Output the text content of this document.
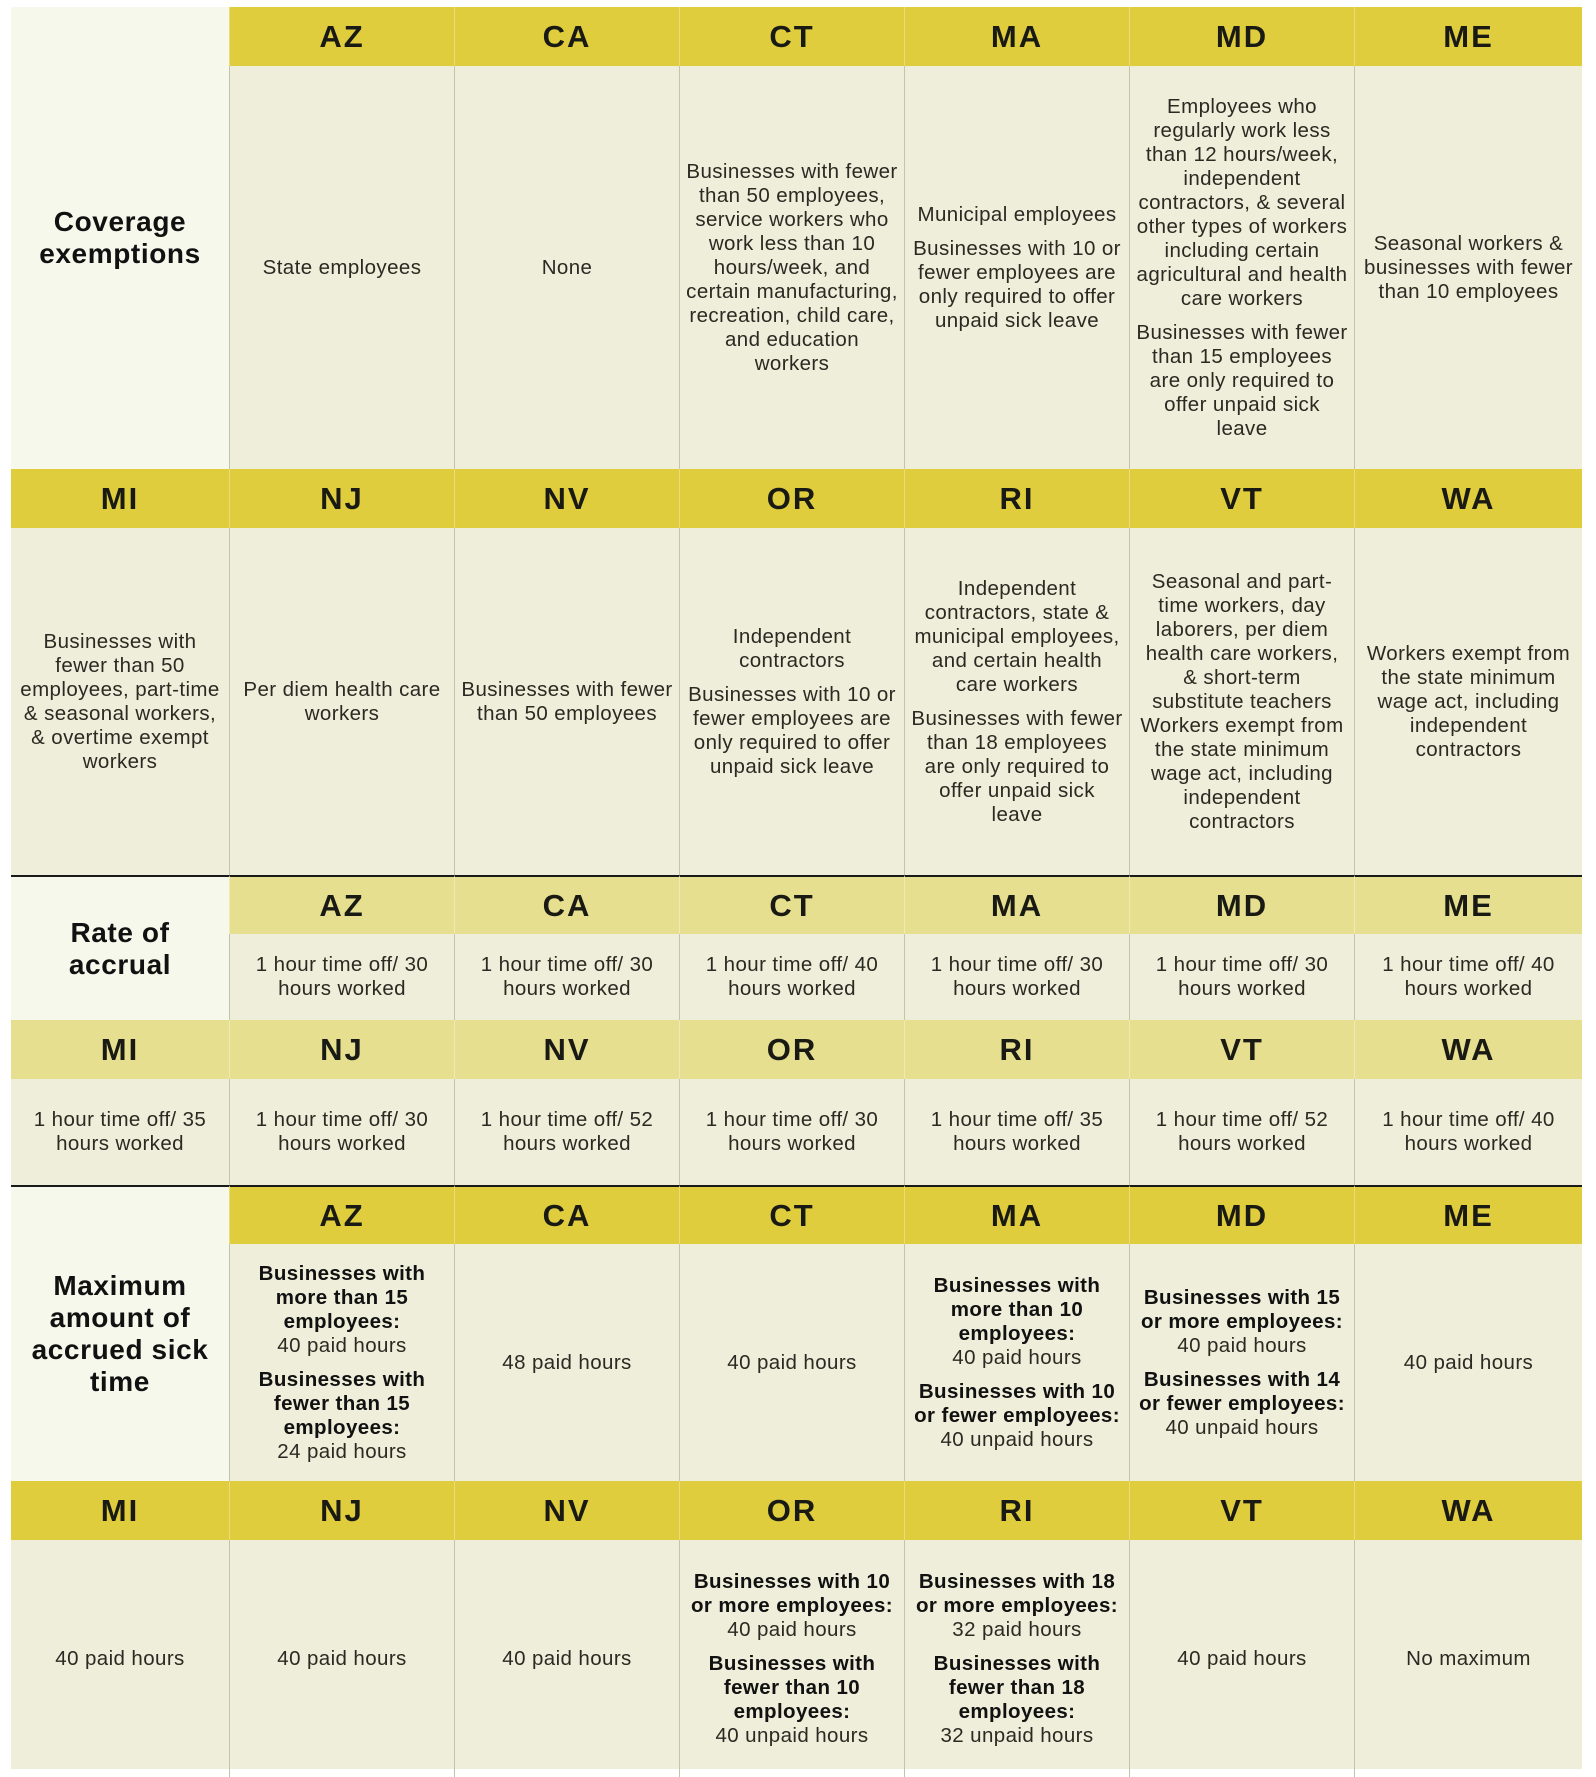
Coverage exemptions
AZ
State employees
CA
None
CT
Businesses with fewer than 50 employees, service workers who work less than 10 hours/week, and certain manufacturing, recreation, child care, and education workers
MA
Municipal employees
Businesses with 10 or fewer employees are only required to offer unpaid sick leave
MD
Employees who regularly work less than 12 hours/week, independent contractors, & several other types of workers including certain agricultural and health care workers
Businesses with fewer than 15 employees are only required to offer unpaid sick leave
ME
Seasonal workers & businesses with fewer than 10 employees
MI
Businesses with fewer than 50 employees, part-time & seasonal workers, & overtime exempt workers
NJ
Per diem health care workers
NV
Businesses with fewer than 50 employees
OR
Independent contractors
Businesses with 10 or fewer employees are only required to offer unpaid sick leave
RI
Independent contractors, state & municipal employees, and certain health care workers
Businesses with fewer than 18 employees are only required to offer unpaid sick leave
VT
Seasonal and part-time workers, day laborers, per diem health care workers, & short-term substitute teachers Workers exempt from the state minimum wage act, including independent contractors
WA
Workers exempt from the state minimum wage act, including independent contractors
Rate of accrual
AZ
1 hour time off/ 30 hours worked
CA
1 hour time off/ 30 hours worked
CT
1 hour time off/ 40 hours worked
MA
1 hour time off/ 30 hours worked
MD
1 hour time off/ 30 hours worked
ME
1 hour time off/ 40 hours worked
MI
1 hour time off/ 35 hours worked
NJ
1 hour time off/ 30 hours worked
NV
1 hour time off/ 52 hours worked
OR
1 hour time off/ 30 hours worked
RI
1 hour time off/ 35 hours worked
VT
1 hour time off/ 52 hours worked
WA
1 hour time off/ 40 hours worked
Maximum amount of accrued sick time
AZ
Businesses with more than 15 employees:
40 paid hours
Businesses with fewer than 15 employees:
24 paid hours
CA
48 paid hours
CT
40 paid hours
MA
Businesses with more than 10 employees:
40 paid hours
Businesses with 10 or fewer employees:
40 unpaid hours
MD
Businesses with 15 or more employees:
40 paid hours
Businesses with 14 or fewer employees:
40 unpaid hours
ME
40 paid hours
MI
40 paid hours
NJ
40 paid hours
NV
40 paid hours
OR
Businesses with 10 or more employees:
40 paid hours
Businesses with fewer than 10 employees:
40 unpaid hours
RI
Businesses with 18 or more employees:
32 paid hours
Businesses with fewer than 18 employees:
32 unpaid hours
VT
40 paid hours
WA
No maximum
